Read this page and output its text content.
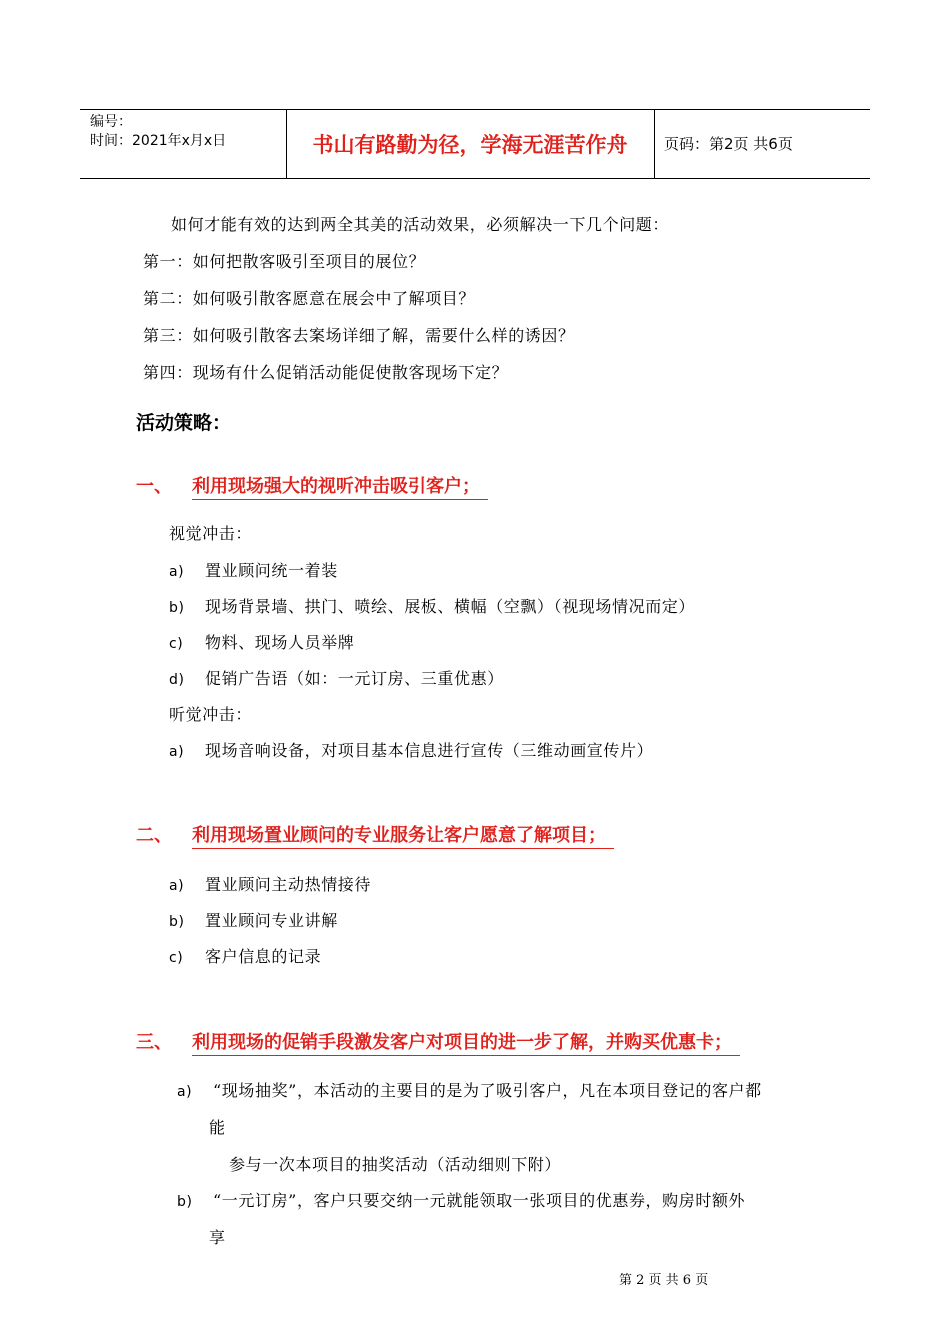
编号：
时间：2021年x月x日	书山有路勤为径，学海无涯苦作舟	页码：第2页 共6页
如何才能有效的达到两全其美的活动效果，必须解决一下几个问题：
第一：如何把散客吸引至项目的展位？
第二：如何吸引散客愿意在展会中了解项目？
第三：如何吸引散客去案场详细了解，需要什么样的诱因？
第四：现场有什么促销活动能促使散客现场下定？
活动策略：
一、 利用现场强大的视听冲击吸引客户；
视觉冲击：
a) 置业顾问统一着装
b) 现场背景墙、拱门、喷绘、展板、横幅（空飘）（视现场情况而定）
c) 物料、现场人员举牌
d) 促销广告语（如：一元订房、三重优惠）
听觉冲击：
a) 现场音响设备，对项目基本信息进行宣传（三维动画宣传片）
二、 利用现场置业顾问的专业服务让客户愿意了解项目；
a) 置业顾问主动热情接待
b) 置业顾问专业讲解
c) 客户信息的记录
三、 利用现场的促销手段激发客户对项目的进一步了解，并购买优惠卡；
a) “现场抽奖”，本活动的主要目的是为了吸引客户，凡在本项目登记的客户都
能
参与一次本项目的抽奖活动（活动细则下附）
b) “一元订房”，客户只要交纳一元就能领取一张项目的优惠券，购房时额外
享
第 2 页 共 6 页
